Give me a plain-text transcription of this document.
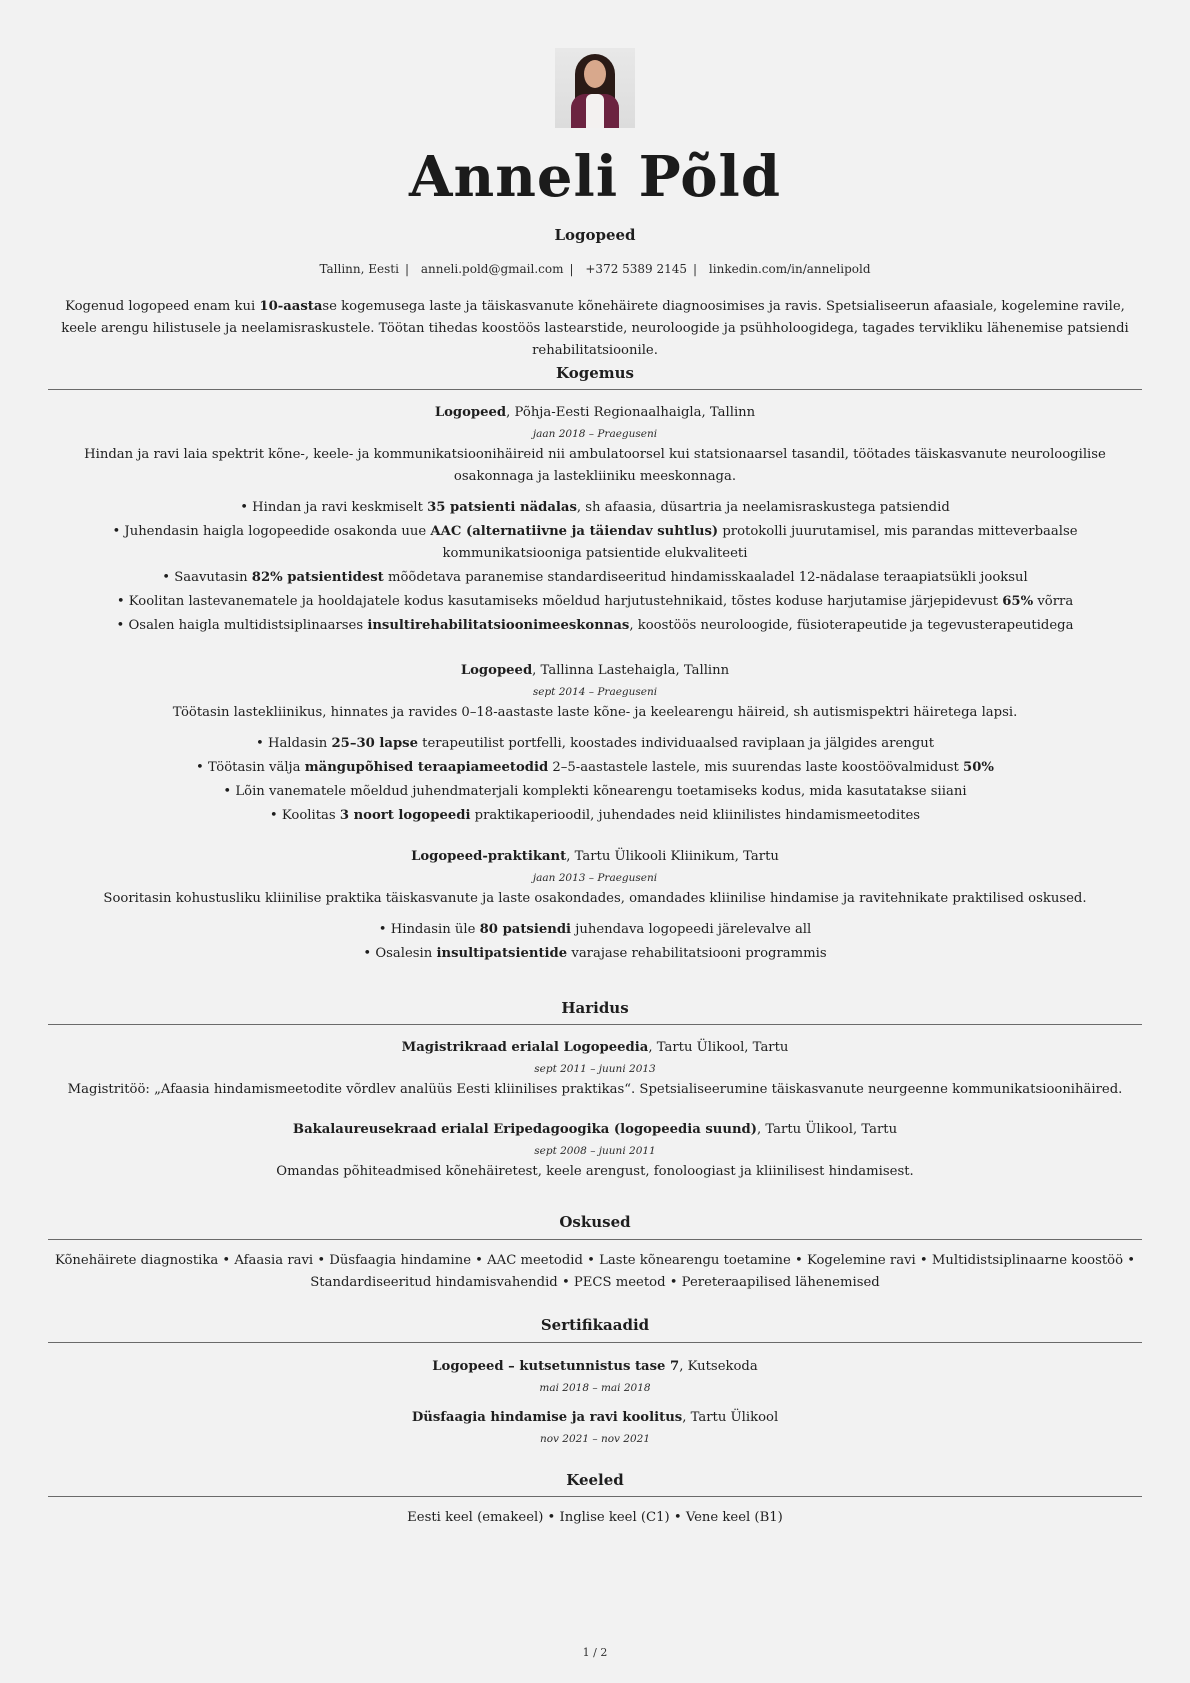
Anneli Põld
Logopeed
Tallinn, Eesti | anneli.pold@gmail.com | +372 5389 2145 | linkedin.com/in/annelipold
Kogenud logopeed enam kui 10-aastase kogemusega laste ja täiskasvanute kõnehäirete diagnoosimises ja ravis. Spetsialiseerun afaasiale, kogelemine ravile, keele arengu hilistusele ja neelamisraskustele. Töötan tihedas koostöös lastearstide, neuroloogide ja psühholoogidega, tagades tervikliku lähenemise patsiendi rehabilitatsioonile.
Kogemus
Logopeed, Põhja-Eesti Regionaalhaigla, Tallinn
jaan 2018 – Praeguseni
Hindan ja ravi laia spektrit kõne-, keele- ja kommunikatsioonihäireid nii ambulatoorsel kui statsionaarsel tasandil, töötades täiskasvanute neuroloogilise osakonnaga ja lastekliiniku meeskonnaga.
• Hindan ja ravi keskmiselt 35 patsienti nädalas, sh afaasia, düsartria ja neelamisraskustega patsiendid
• Juhendasin haigla logopeedide osakonda uue AAC (alternatiivne ja täiendav suhtlus) protokolli juurutamisel, mis parandas mitteverbaalse kommunikatsiooniga patsientide elukvaliteeti
• Saavutasin 82% patsientidest mõõdetava paranemise standardiseeritud hindamisskaaladel 12-nädalase teraapiatsükli jooksul
• Koolitan lastevanematele ja hooldajatele kodus kasutamiseks mõeldud harjutustehnikaid, tõstes koduse harjutamise järjepidevust 65% võrra
• Osalen haigla multidistsiplinaarses insultirehabilitatsioonimeeskonnas, koostöös neuroloogide, füsioterapeutide ja tegevusterapeutidega
Logopeed, Tallinna Lastehaigla, Tallinn
sept 2014 – Praeguseni
Töötasin lastekliinikus, hinnates ja ravides 0–18-aastaste laste kõne- ja keelearengu häireid, sh autismispektri häiretega lapsi.
• Haldasin 25–30 lapse terapeutilist portfelli, koostades individuaalsed raviplaan ja jälgides arengut
• Töötasin välja mängupõhised teraapiameetodid 2–5-aastastele lastele, mis suurendas laste koostöövalmidust 50%
• Lõin vanematele mõeldud juhendmaterjali komplekti kõnearengu toetamiseks kodus, mida kasutatakse siiani
• Koolitas 3 noort logopeedi praktikaperioodil, juhendades neid kliinilistes hindamismeetodites
Logopeed-praktikant, Tartu Ülikooli Kliinikum, Tartu
jaan 2013 – Praeguseni
Sooritasin kohustusliku kliinilise praktika täiskasvanute ja laste osakondades, omandades kliinilise hindamise ja ravitehnikate praktilised oskused.
• Hindasin üle 80 patsiendi juhendava logopeedi järelevalve all
• Osalesin insultipatsientide varajase rehabilitatsiooni programmis
Haridus
Magistrikraad erialal Logopeedia, Tartu Ülikool, Tartu
sept 2011 – juuni 2013
Magistritöö: „Afaasia hindamismeetodite võrdlev analüüs Eesti kliinilises praktikas“. Spetsialiseerumine täiskasvanute neurgeenne kommunikatsioonihäired.
Bakalaureusekraad erialal Eripedagoogika (logopeedia suund), Tartu Ülikool, Tartu
sept 2008 – juuni 2011
Omandas põhiteadmised kõnehäiretest, keele arengust, fonoloogiast ja kliinilisest hindamisest.
Oskused
Kõnehäirete diagnostika • Afaasia ravi • Düsfaagia hindamine • AAC meetodid • Laste kõnearengu toetamine • Kogelemine ravi • Multidistsiplinaarne koostöö •
Standardiseeritud hindamisvahendid • PECS meetod • Pereteraapilised lähenemised
Sertifikaadid
Logopeed – kutsetunnistus tase 7, Kutsekoda
mai 2018 – mai 2018
Düsfaagia hindamise ja ravi koolitus, Tartu Ülikool
nov 2021 – nov 2021
Keeled
Eesti keel (emakeel) • Inglise keel (C1) • Vene keel (B1)
1 / 2
